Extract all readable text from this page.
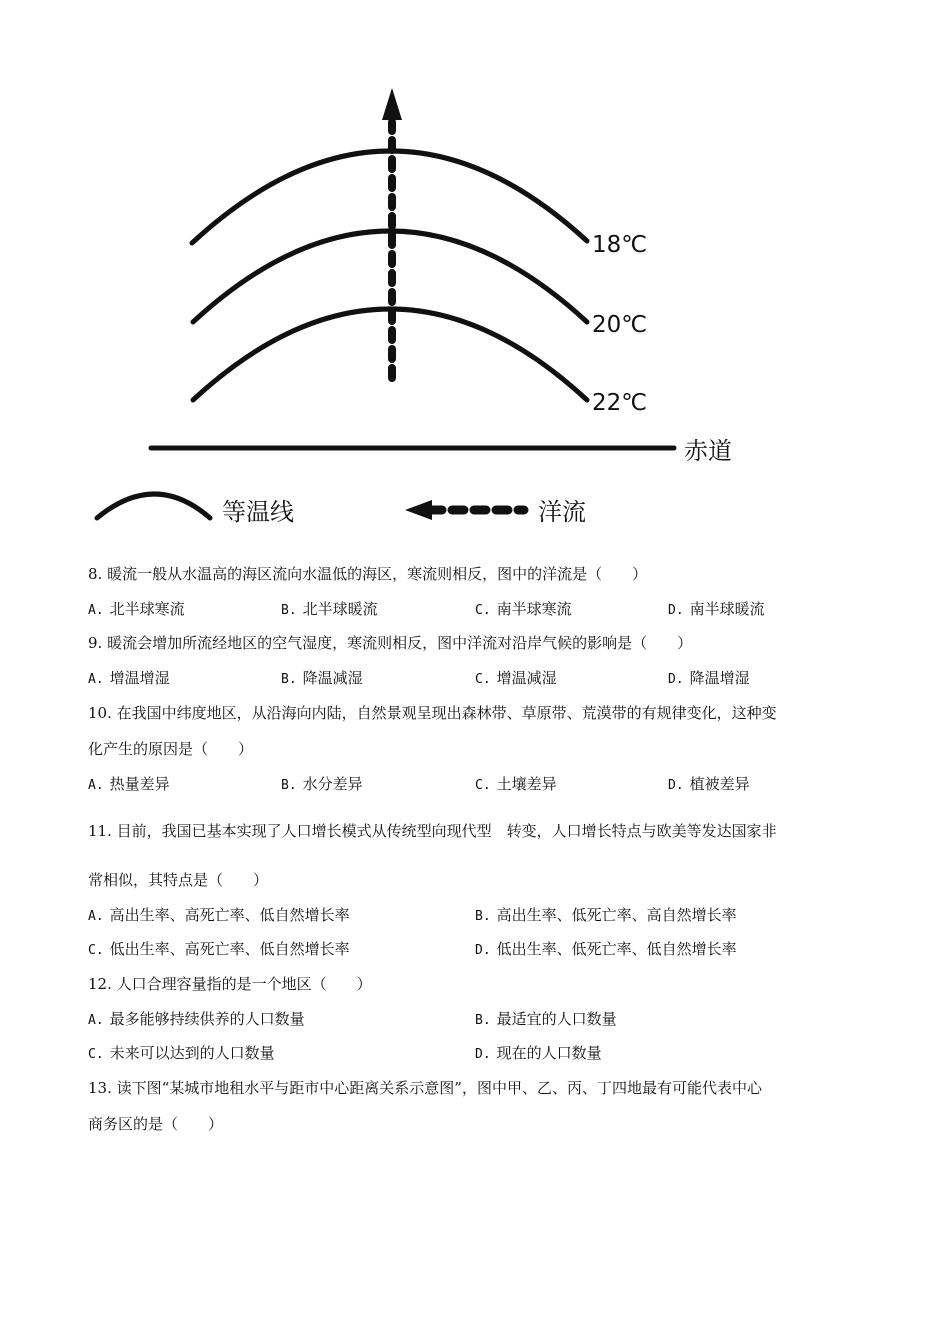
18℃
20℃
22℃
赤道
等温线	洋流
8. 暖流一般从水温高的海区流向水温低的海区，寒流则相反，图中的洋流是（　　）
A. 北半球寒流	B. 北半球暖流	C. 南半球寒流	D. 南半球暖流
9. 暖流会增加所流经地区的空气湿度，寒流则相反，图中洋流对沿岸气候的影响是（　　）
A. 增温增湿	B. 降温减湿	C. 增温减湿	D. 降温增湿
10. 在我国中纬度地区，从沿海向内陆，自然景观呈现出森林带、草原带、荒漠带的有规律变化，这种变
化产生的原因是（　　）
A. 热量差异	B. 水分差异	C. 土壤差异	D. 植被差异
11. 目前，我国已基本实现了人口增长模式从传统型向现代型　转变，人口增长特点与欧美等发达国家非
常相似，其特点是（　　）
A. 高出生率、高死亡率、低自然增长率	B. 高出生率、低死亡率、高自然增长率
C. 低出生率、高死亡率、低自然增长率	D. 低出生率、低死亡率、低自然增长率
12. 人口合理容量指的是一个地区（　　）
A. 最多能够持续供养的人口数量	B. 最适宜的人口数量
C. 未来可以达到的人口数量	D. 现在的人口数量
13. 读下图“某城市地租水平与距市中心距离关系示意图”，图中甲、乙、丙、丁四地最有可能代表中心
商务区的是（　　）
